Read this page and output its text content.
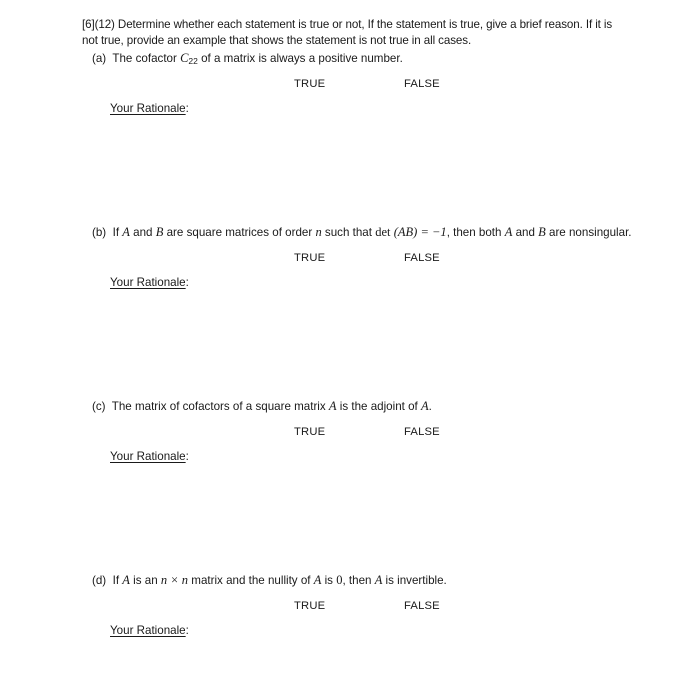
[6](12) Determine whether each statement is true or not, If the statement is true, give a brief reason. If it is not true, provide an example that shows the statement is not true in all cases.
(a) The cofactor $C_{22}$ of a matrix is always a positive number.
TRUE	FALSE
Your Rationale:
(b) If A and B are square matrices of order n such that det (AB) = −1, then both A and B are nonsingular.
TRUE	FALSE
Your Rationale:
(c) The matrix of cofactors of a square matrix A is the adjoint of A.
TRUE	FALSE
Your Rationale:
(d) If A is an n × n matrix and the nullity of A is 0, then A is invertible.
TRUE	FALSE
Your Rationale:
